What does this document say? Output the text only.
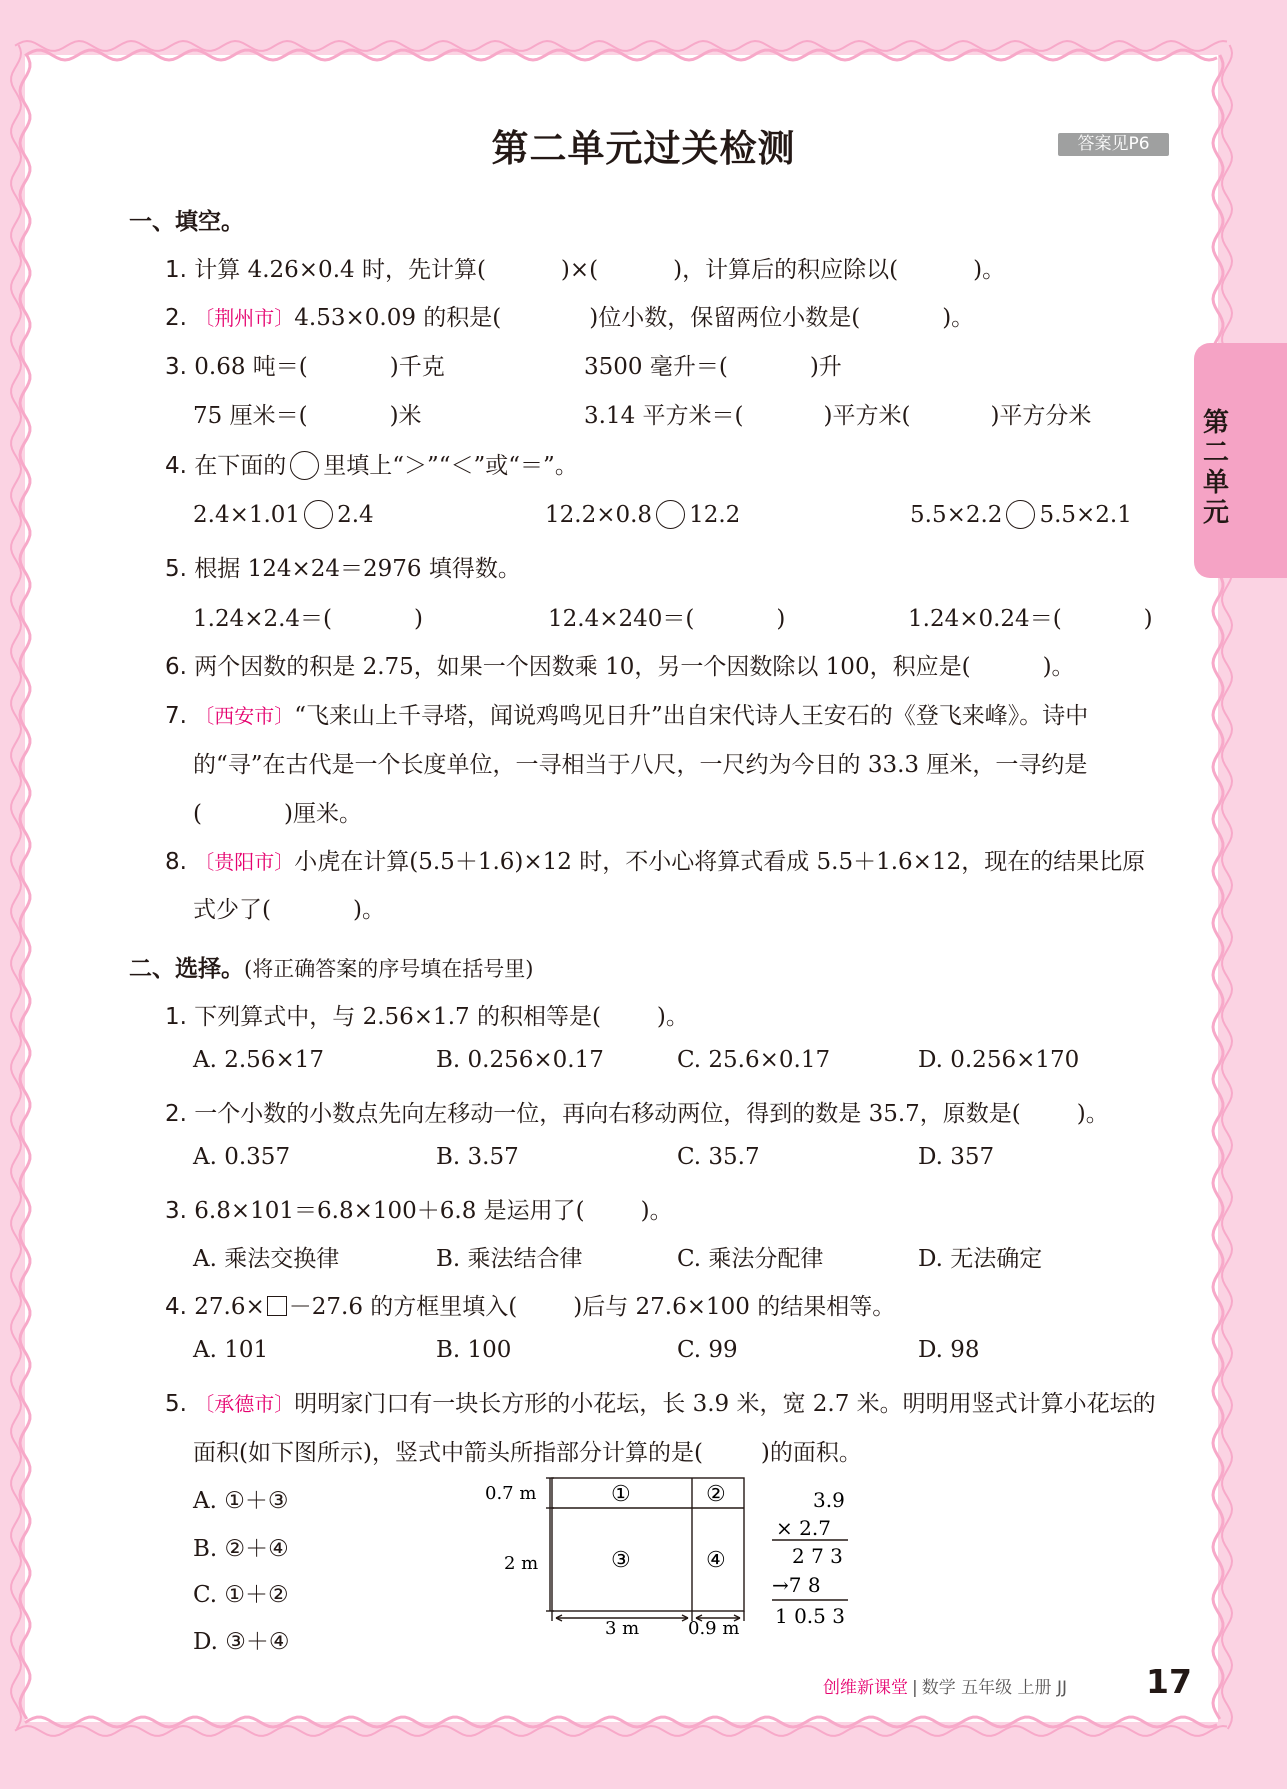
第二单元过关检测	答案见P6
第二单元
一、填空。
1. 计算 4.26×0.4 时，先计算(	)×(	)，计算后的积应除以(	)。
2. 〔荆州市〕4.53×0.09 的积是(	)位小数，保留两位小数是(	)。
3. 0.68 吨＝(	)千克	3500 毫升＝(	)升
75 厘米＝(	)米	3.14 平方米＝(	)平方米(	)平方分米
4. 在下面的 里填上“＞”“＜”或“＝”。
2.4×1.01 2.4	12.2×0.8 12.2	5.5×2.2 5.5×2.1
5. 根据 124×24＝2976 填得数。
1.24×2.4＝(	)	12.4×240＝(	)	1.24×0.24＝(	)
6. 两个因数的积是 2.75，如果一个因数乘 10，另一个因数除以 100，积应是(	)。
7. 〔西安市〕“飞来山上千寻塔，闻说鸡鸣见日升”出自宋代诗人王安石的《登飞来峰》。诗中
的“寻”在古代是一个长度单位，一寻相当于八尺，一尺约为今日的 33.3 厘米，一寻约是
(	)厘米。
8. 〔贵阳市〕小虎在计算(5.5＋1.6)×12 时，不小心将算式看成 5.5＋1.6×12，现在的结果比原
式少了(	)。
二、选择。(将正确答案的序号填在括号里)
1. 下列算式中，与 2.56×1.7 的积相等是( )。
A. 2.56×17	B. 0.256×0.17	C. 25.6×0.17	D. 0.256×170
2. 一个小数的小数点先向左移动一位，再向右移动两位，得到的数是 35.7，原数是( )。
A. 0.357	B. 3.57	C. 35.7	D. 357
3. 6.8×101＝6.8×100＋6.8 是运用了( )。
A. 乘法交换律	B. 乘法结合律	C. 乘法分配律	D. 无法确定
4. 27.6× －27.6 的方框里填入( )后与 27.6×100 的结果相等。
A. 101	B. 100	C. 99	D. 98
5. 〔承德市〕明明家门口有一块长方形的小花坛，长 3.9 米，宽 2.7 米。明明用竖式计算小花坛的
面积(如下图所示)，竖式中箭头所指部分计算的是(	)的面积。
A. ①＋③
B. ②＋④
C. ①＋②
D. ③＋④
0.7 m
2 m
3 m	0.9 m
①	②
③	④
3.9
× 2.7
2 7 3
→7 8
1 0.5 3
创维新课堂 | 数学 五年级 上册 JJ 17
